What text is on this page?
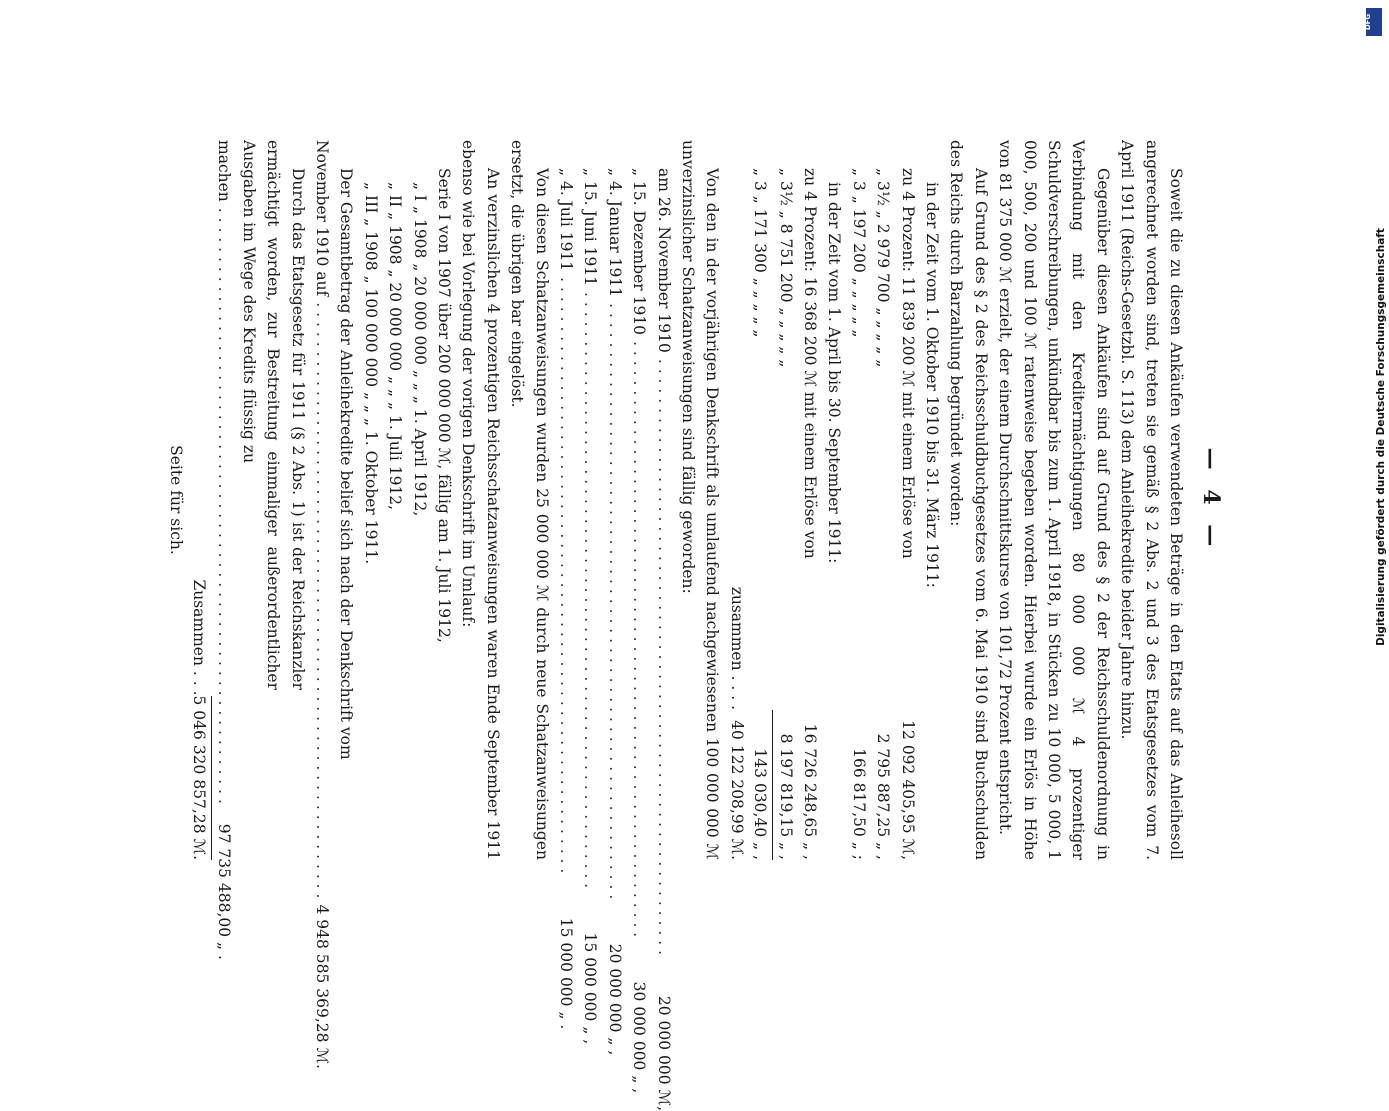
— 4 —
Soweit die zu diesen Ankäufen verwendeten Beträge in den Etats auf das Anleihesoll angerechnet worden sind, treten sie gemäß § 2 Abs. 2 und 3 des Etatsgesetzes vom 7. April 1911 (Reichs-Gesetzbl. S. 113) dem Anleihekredite beider Jahre hinzu.
Gegenüber diesen Ankäufen sind auf Grund des § 2 der Reichsschuldenordnung in Verbindung mit den Kreditermächtigungen 80 000 000 ℳ 4 prozentiger Schuldverschreibungen, unkündbar bis zum 1. April 1918, in Stücken zu 10 000, 5 000, 1 000, 500, 200 und 100 ℳ ratenweise begeben worden. Hierbei wurde ein Erlös in Höhe von 81 375 000 ℳ erzielt, der einem Durchschnittskurse von 101,72 Prozent entspricht.
Auf Grund des § 2 des Reichsschuldbuchgesetzes vom 6. Mai 1910 sind Buchschulden des Reichs durch Barzahlung begründet worden:
in der Zeit vom 1. Oktober 1910 bis 31. März 1911:
zu 4 Prozent: 11 839 200 ℳ mit einem Erlöse von
12 092 405,95 ℳ,
„ 3½ „ 2 979 700 „ „ „ „ „
2 795 887,25 „ ,
„ 3 „ 197 200 „ „ „ „ „
166 817,50 „ ;
in der Zeit vom 1. April bis 30. September 1911:
zu 4 Prozent: 16 368 200 ℳ mit einem Erlöse von
16 726 248,65 „ ,
„ 3½ „ 8 751 200 „ „ „ „ „
8 197 819,15 „ ,
„ 3 „ 171 300 „ „ „ „ „
143 030,40 „ ,
zusammen . . . .
40 122 208,99 ℳ.
Von den in der vorjährigen Denkschrift als umlaufend nachgewiesenen 100 000 000 ℳ unverzinslicher Schatzanweisungen sind fällig geworden:
am 26. November 1910
. . .
20 000 000 ℳ,
„ 15. Dezember 1910
. . .
30 000 000 „ ,
„ 4. Januar 1911
. . .
20 000 000 „ ,
„ 15. Juni 1911
. . .
15 000 000 „ ,
„ 4. Juli 1911
. . .
15 000 000 „ .
Von diesen Schatzanweisungen wurden 25 000 000 ℳ durch neue Schatzanweisungen ersetzt, die übrigen bar eingelöst.
An verzinslichen 4 prozentigen Reichsschatzanweisungen waren Ende September 1911 ebenso wie bei Vorlegung der vorigen Denkschrift im Umlauf:
Serie I von 1907 über 200 000 000 ℳ, fällig am 1. Juli 1912,
„ I „ 1908 „ 20 000 000 „ „ „ 1. April 1912,
„ II „ 1908 „ 20 000 000 „ „ „ 1. Juli 1912,
„ III „ 1908 „ 100 000 000 „ „ „ 1. Oktober 1911.
Der Gesamtbetrag der Anleihekredite belief sich nach der Denkschrift vom
November 1910 auf
. . .
4 948 585 369,28 ℳ.
Durch das Etatsgesetz für 1911 (§ 2 Abs. 1) ist der Reichskanzler ermächtigt worden, zur Bestreitung einmaliger außerordentlicher Ausgaben im Wege des Kredits flüssig zu
machen
. . .
97 735 488,00 „ .
Zusammen . . .
5 046 320 857,28 ℳ.
Seite für sich.
DFG
Digitalisierung gefördert durch die Deutsche Forschungsgemeinschaft
